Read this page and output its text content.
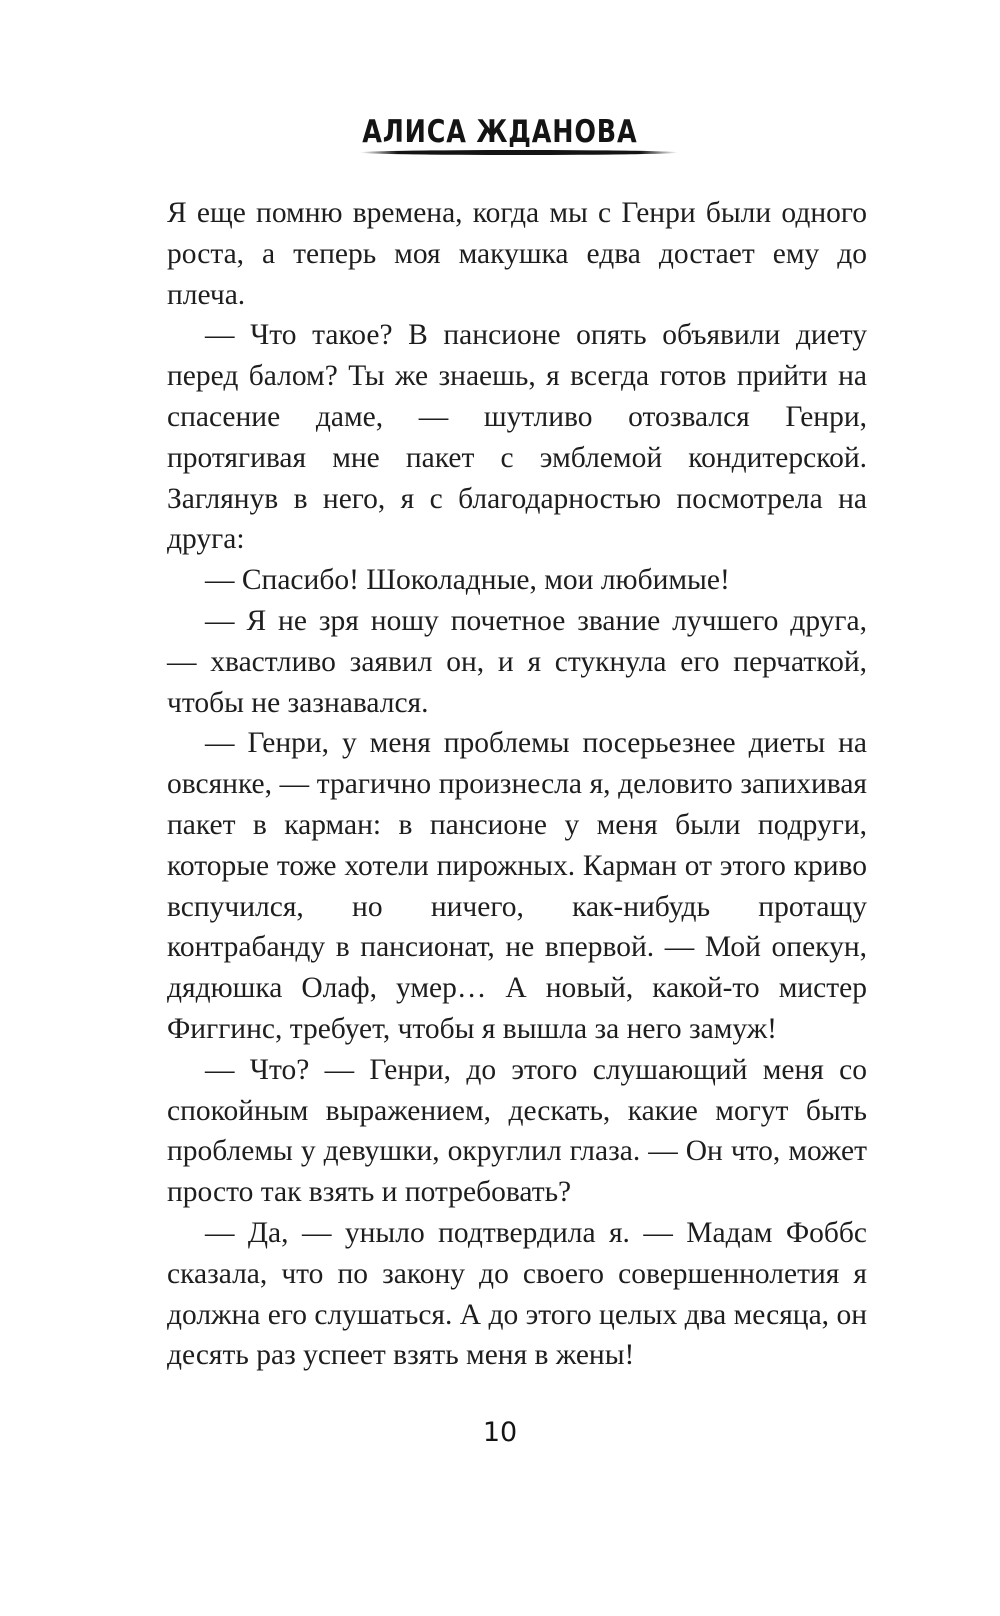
АЛИСА ЖДАНОВА

Я еще помню времена, когда мы с Генри были одного роста, а теперь моя макушка едва достает ему до плеча.

— Что такое? В пансионе опять объявили диету перед балом? Ты же знаешь, я всегда готов прийти на спасение даме, — шутливо отозвался Генри, протягивая мне пакет с эмблемой кондитерской. Заглянув в него, я с благодарностью посмотрела на друга:

— Спасибо! Шоколадные, мои любимые!

— Я не зря ношу почетное звание лучшего друга, — хвастливо заявил он, и я стукнула его перчаткой, чтобы не зазнавался.

— Генри, у меня проблемы посерьезнее диеты на овсянке, — трагично произнесла я, деловито запихивая пакет в карман: в пансионе у меня были подруги, которые тоже хотели пирожных. Карман от этого криво вспучился, но ничего, как-нибудь протащу контрабанду в пансионат, не впервой. — Мой опекун, дядюшка Олаф, умер… А новый, какой-то мистер Фиггинс, требует, чтобы я вышла за него замуж!

— Что? — Генри, до этого слушающий меня со спокойным выражением, дескать, какие могут быть проблемы у девушки, округлил глаза. — Он что, может просто так взять и потребовать?

— Да, — уныло подтвердила я. — Мадам Фоббс сказала, что по закону до своего совершеннолетия я должна его слушаться. А до этого целых два месяца, он десять раз успеет взять меня в жены!

10
